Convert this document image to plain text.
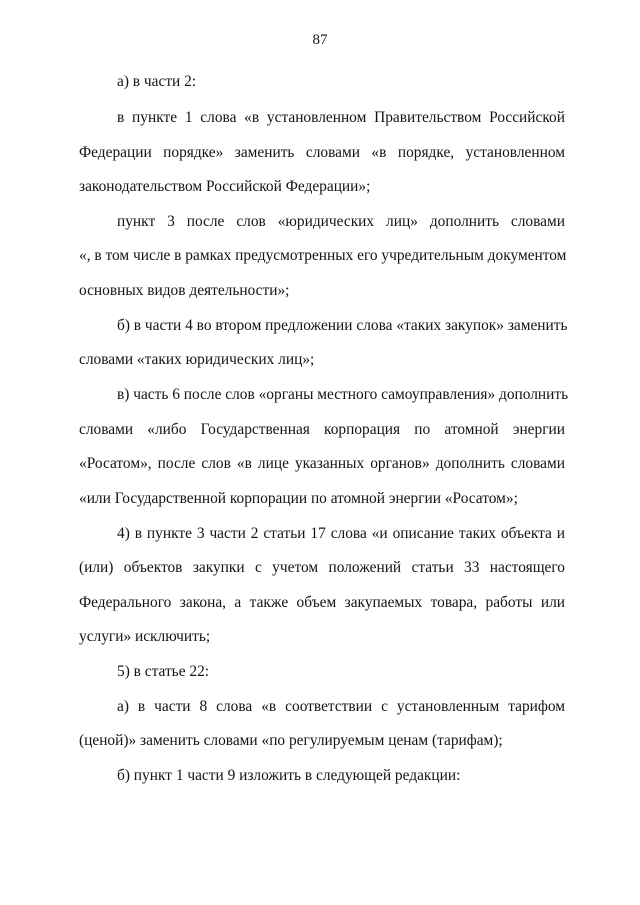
87
а) в части 2:
в пункте 1 слова «в установленном Правительством Российской
Федерации порядке» заменить словами «в порядке, установленном
законодательством Российской Федерации»;
пункт 3 после слов «юридических лиц» дополнить словами
«, в том числе в рамках предусмотренных его учредительным документом
основных видов деятельности»;
б) в части 4 во втором предложении слова «таких закупок» заменить
словами «таких юридических лиц»;
в) часть 6 после слов «органы местного самоуправления» дополнить
словами «либо Государственная корпорация по атомной энергии
«Росатом», после слов «в лице указанных органов» дополнить словами
«или Государственной корпорации по атомной энергии «Росатом»;
4) в пункте 3 части 2 статьи 17 слова «и описание таких объекта и
(или) объектов закупки с учетом положений статьи 33 настоящего
Федерального закона, а также объем закупаемых товара, работы или
услуги» исключить;
5) в статье 22:
а) в части 8 слова «в соответствии с установленным тарифом
(ценой)» заменить словами «по регулируемым ценам (тарифам);
б) пункт 1 части 9 изложить в следующей редакции:
